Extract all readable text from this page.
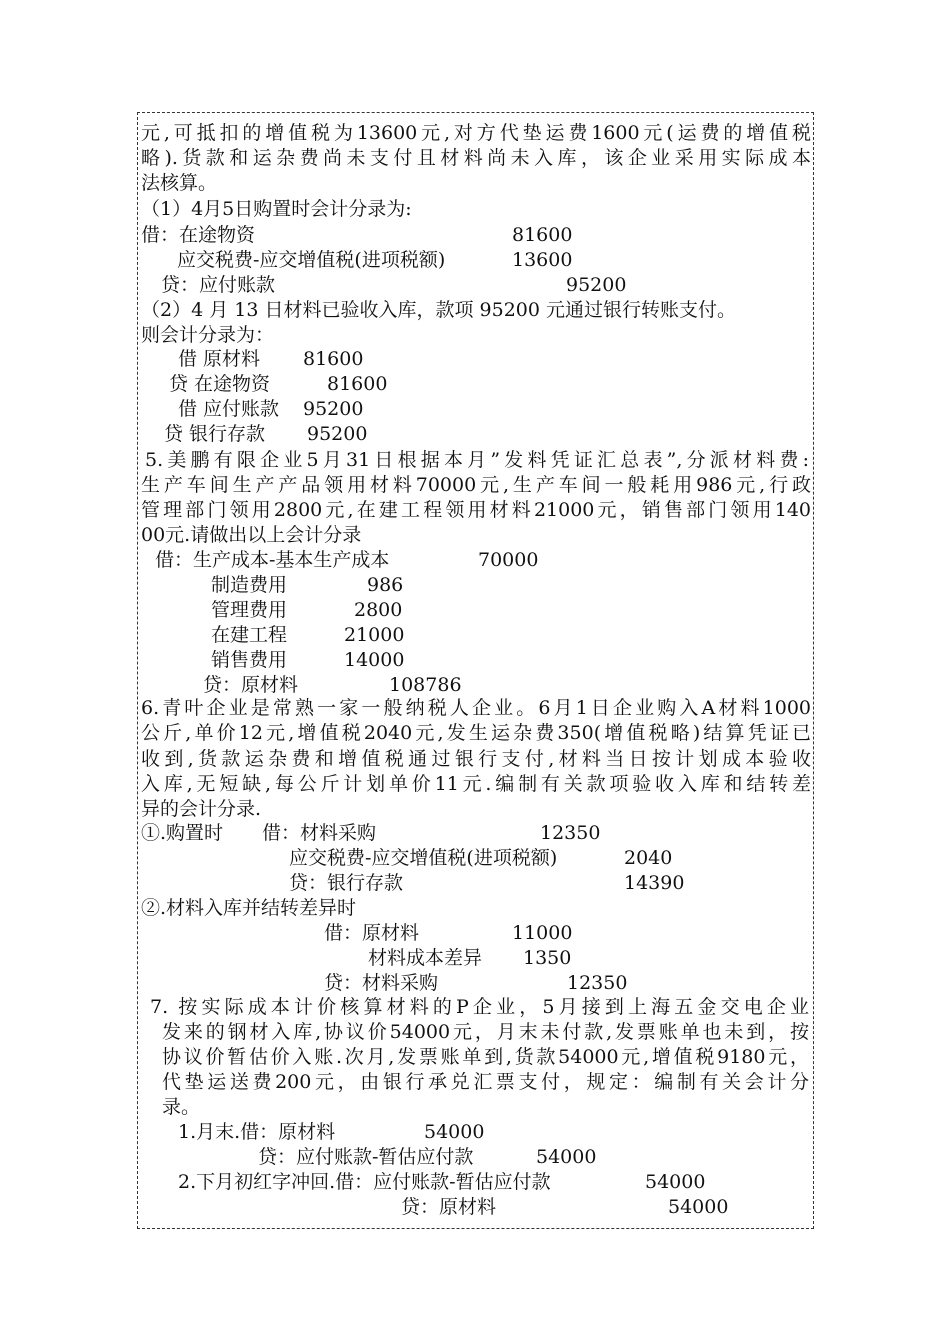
元,可抵扣的增值税为13600元,对方代垫运费1600元(运费的增值税
略).货款和运杂费尚未支付且材料尚未入库，该企业采用实际成本
法核算。
（1）4月5日购置时会计分录为:
借：在途物资	81600
应交税费-应交增值税(进项税额)	13600
贷：应付账款	95200
（2）4 月 13 日材料已验收入库，款项 95200 元通过银行转账支付。
则会计分录为：
借 原材料 81600
贷 在途物资	81600
借 应付账款 95200
贷 银行存款 95200
5.美鹏有限企业5月31日根据本月”发料凭证汇总表”,分派材料费:
生产车间生产产品领用材料70000元,生产车间一般耗用986元,行政
管理部门领用2800元,在建工程领用材料21000元，销售部门领用140
00元.请做出以上会计分录
借：生产成本-基本生产成本	70000
制造费用	986
管理费用	2800
在建工程	21000
销售费用	14000
贷：原材料	108786
6.青叶企业是常熟一家一般纳税人企业。6月1日企业购入A材料1000
公斤,单价12元,增值税2040元,发生运杂费350(增值税略)结算凭证已
收到,货款运杂费和增值税通过银行支付,材料当日按计划成本验收
入库,无短缺,每公斤计划单价11元.编制有关款项验收入库和结转差
异的会计分录.
①.购置时 借：材料采购	12350
应交税费-应交增值税(进项税额)	2040
贷：银行存款	14390
②.材料入库并结转差异时
借：原材料	11000
材料成本差异 1350
贷：材料采购	12350
7. 按实际成本计价核算材料的P企业，5月接到上海五金交电企业
发来的钢材入库,协议价54000元，月末未付款,发票账单也未到，按
协议价暂估价入账.次月,发票账单到,货款54000元,增值税9180元，
代垫运送费200元，由银行承兑汇票支付，规定：编制有关会计分
录。
1.月末.借：原材料	54000
贷：应付账款-暂估应付款	54000
2.下月初红字冲回.借：应付账款-暂估应付款	54000
贷：原材料	54000
